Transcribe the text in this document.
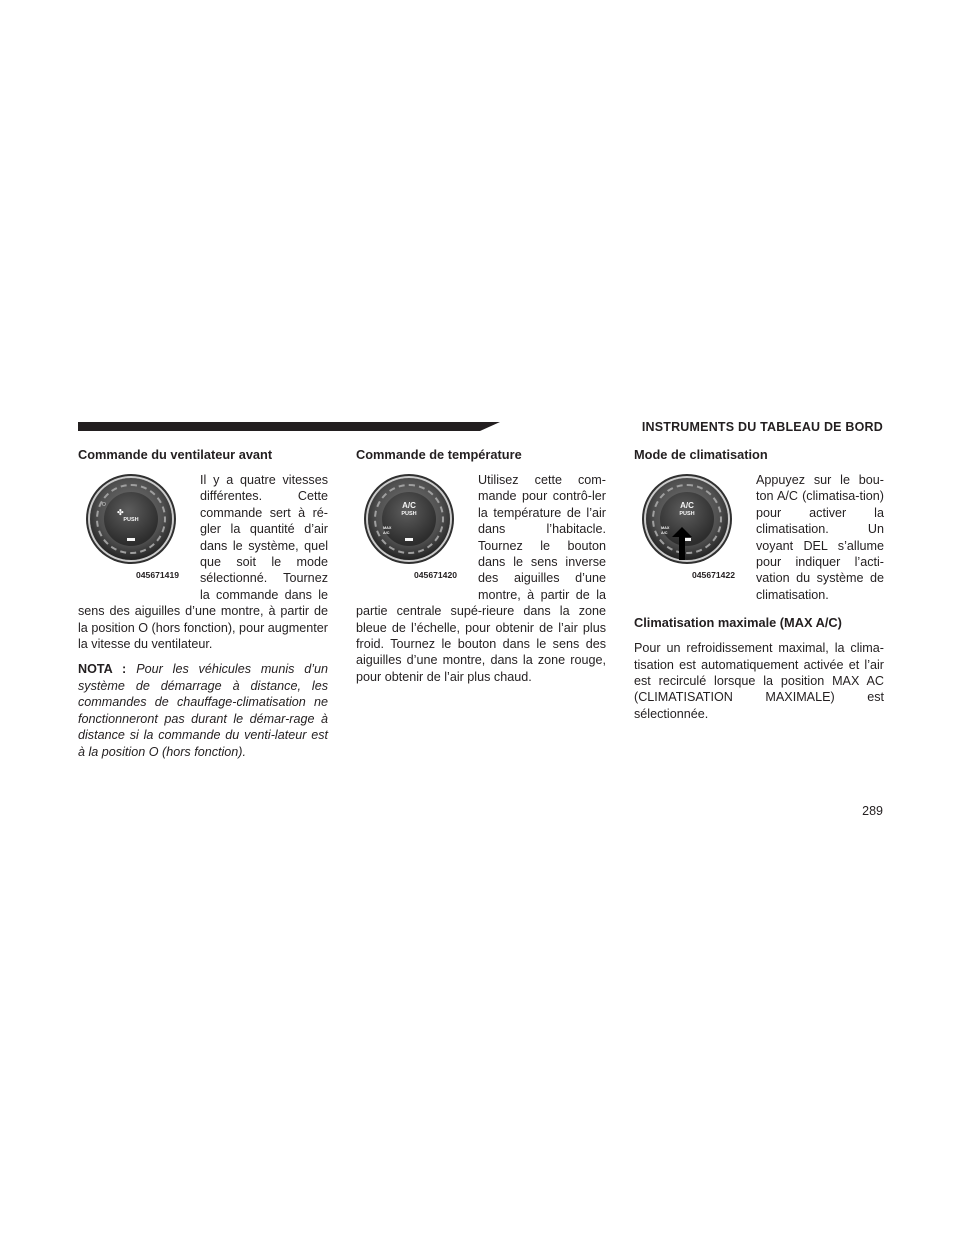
INSTRUMENTS DU TABLEAU DE BORD
Commande du ventilateur avant
O
✤
PUSH
045671419

Il y a quatre vitesses différentes. Cette commande sert à ré-gler la quantité d’air dans le système, quel que soit le mode sélectionné. Tournez la commande dans le sens des aiguilles d’une montre, à partir de la position O (hors fonction), pour augmenter la vitesse du ventilateur.

NOTA : Pour les véhicules munis d’un système de démarrage à distance, les commandes de chauffage-climatisation ne fonctionneront pas durant le démar-rage à distance si la commande du venti-lateur est à la position O (hors fonction).

Commande de température
A/C
PUSH
MAX
A/C
045671420

Utilisez cette com-mande pour contrô-ler la température de l’air dans l’habitacle. Tournez le bouton dans le sens inverse des aiguilles d’une montre, à partir de la partie centrale supé-rieure dans la zone bleue de l’échelle, pour obtenir de l’air plus froid. Tournez le bouton dans le sens des aiguilles d’une montre, dans la zone rouge, pour obtenir de l’air plus chaud.

Mode de climatisation
A/C
PUSH
MAX
A/C
045671422

Appuyez sur le bou-ton A/C (climatisa-tion) pour activer la climatisation. Un voyant DEL s’allume pour indiquer l’acti-vation du système de climatisation.

Climatisation maximale (MAX A/C)

Pour un refroidissement maximal, la clima-tisation est automatiquement activée et l’air est recirculé lorsque la position MAX AC (CLIMATISATION MAXIMALE) est sélectionnée.

289
